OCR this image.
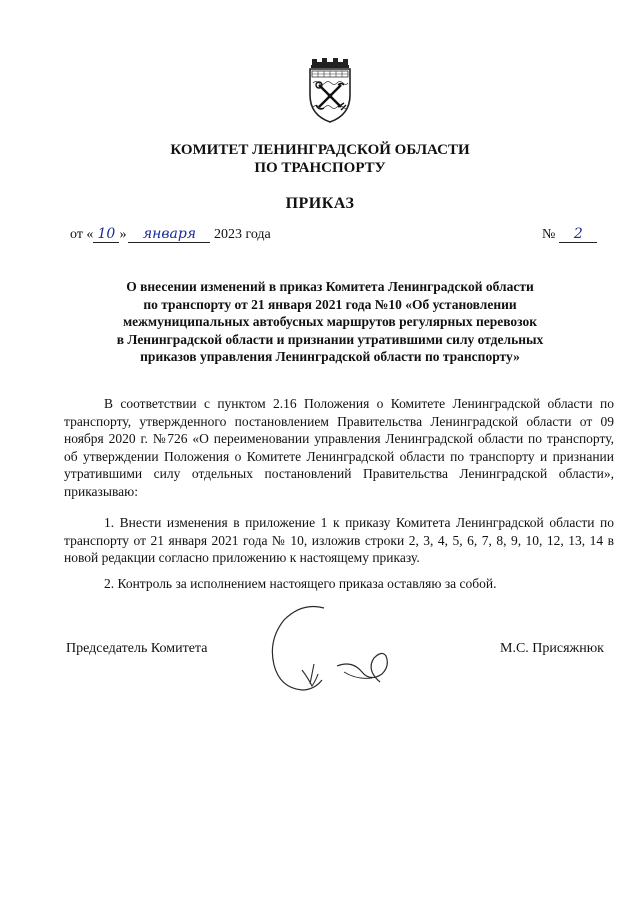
КОМИТЕТ ЛЕНИНГРАДСКОЙ ОБЛАСТИ
ПО ТРАНСПОРТУ
ПРИКАЗ
от « 10 » января 2023 года	№ 2
О внесении изменений в приказ Комитета Ленинградской области
по транспорту от 21 января 2021 года №10 «Об установлении
межмуниципальных автобусных маршрутов регулярных перевозок
в Ленинградской области и признании утратившими силу отдельных
приказов управления Ленинградской области по транспорту»
В соответствии с пунктом 2.16 Положения о Комитете Ленинградской области по транспорту, утвержденного постановлением Правительства Ленинградской области от 09 ноября 2020 г. №726 «О переименовании управления Ленинградской области по транспорту, об утверждении Положения о Комитете Ленинградской области по транспорту и признании утратившими силу отдельных постановлений Правительства Ленинградской области», приказываю:
1. Внести изменения в приложение 1 к приказу Комитета Ленинградской области по транспорту от 21 января 2021 года № 10, изложив строки 2, 3, 4, 5, 6, 7, 8, 9, 10, 12, 13, 14 в новой редакции согласно приложению к настоящему приказу.
2. Контроль за исполнением настоящего приказа оставляю за собой.
Председатель Комитета	М.С. Присяжнюк
